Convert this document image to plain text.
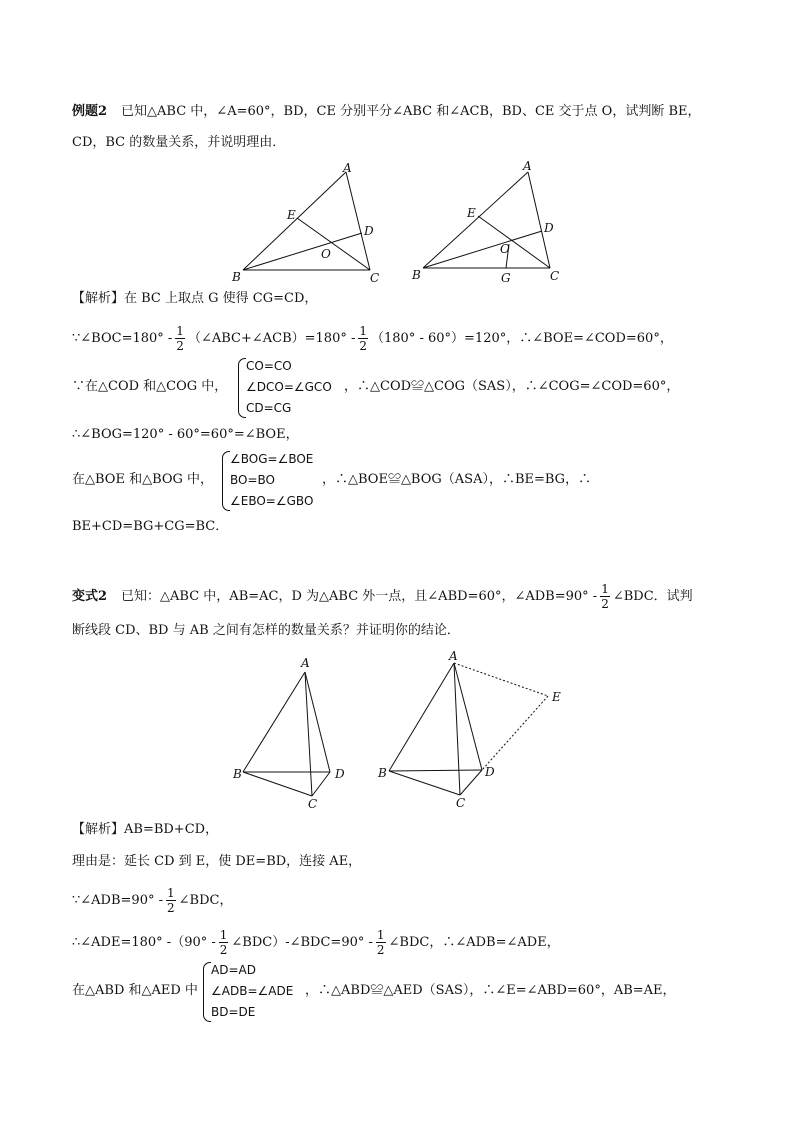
例题2 已知△ABC 中，∠A=60°，BD，CE 分别平分∠ABC 和∠ACB，BD、CE 交于点 O，试判断 BE，
CD，BC 的数量关系，并说明理由．
A
B	C
D
E
O
A
B	C
D
E
O
G
【解析】在 BC 上取点 G 使得 CG=CD，
∵∠BOC=180° - $\frac{1}{2}$ （∠ABC+∠ACB）=180° - $\frac{1}{2} (180^\circ - 60^\circ)=120^\circ$，∴∠BOE=∠COD=60°，
∵在△COD 和△COG 中，
CO=CO
∠DCO=∠GCO
CD=CG
，∴△COD≌△COG（SAS），∴∠COG=∠COD=60°，
∴∠BOG=120° - 60°=60°=∠BOE，
在△BOE 和△BOG 中，
∠BOG=∠BOE
BO=BO
∠EBO=∠GBO
，∴△BOE≌△BOG（ASA），∴BE=BG，∴
BE+CD=BG+CG=BC．
变式2 已知：△ABC 中，AB=AC，D 为△ABC 外一点，且∠ABD=60°，∠ADB=90° - $\frac{1}{2}$ ∠BDC．试判
断线段 CD、BD 与 AB 之间有怎样的数量关系？并证明你的结论．
A
B
C
D
A
B
C
D
E
【解析】AB=BD+CD，
理由是：延长 CD 到 E，使 DE=BD，连接 AE，
∵∠ADB=90° - $\frac{1}{2}$ ∠BDC，
∴∠ADE=180° $-(90^\circ - \frac{1}{2}$ ∠BDC）-∠BDC=90° - $\frac{1}{2}$ ∠BDC，∴∠ADB=∠ADE，
在△ABD 和△AED 中
AD=AD
∠ADB=∠ADE
BD=DE
，∴△ABD≌△AED（SAS），∴∠E=∠ABD=60°，AB=AE，
